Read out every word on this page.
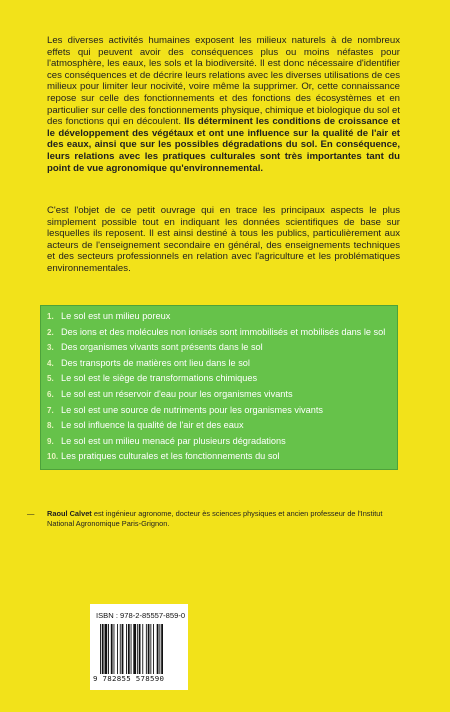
Les diverses activités humaines exposent les milieux naturels à de nombreux effets qui peuvent avoir des conséquences plus ou moins néfastes pour l'atmosphère, les eaux, les sols et la biodiversité. Il est donc nécessaire d'identifier ces conséquences et de décrire leurs relations avec les diverses utilisations de ces milieux pour limiter leur nocivité, voire même la supprimer. Or, cette connaissance repose sur celle des fonctionnements et des fonctions des écosystèmes et en particulier sur celle des fonctionnements physique, chimique et biologique du sol et des fonctions qui en découlent. Ils déterminent les conditions de croissance et le développement des végétaux et ont une influence sur la qualité de l'air et des eaux, ainsi que sur les possibles dégradations du sol. En conséquence, leurs relations avec les pratiques culturales sont très importantes tant du point de vue agronomique qu'environnemental.

C'est l'objet de ce petit ouvrage qui en trace les principaux aspects le plus simplement possible tout en indiquant les données scientifiques de base sur lesquelles ils reposent. Il est ainsi destiné à tous les publics, particulièrement aux acteurs de l'enseignement secondaire en général, des enseignements techniques et des secteurs professionnels en relation avec l'agriculture et les problématiques environnementales.

1. Le sol est un milieu poreux
2. Des ions et des molécules non ionisés sont immobilisés et mobilisés dans le sol
3. Des organismes vivants sont présents dans le sol
4. Des transports de matières ont lieu dans le sol
5. Le sol est le siège de transformations chimiques
6. Le sol est un réservoir d'eau pour les organismes vivants
7. Le sol est une source de nutriments pour les organismes vivants
8. Le sol influence la qualité de l'air et des eaux
9. Le sol est un milieu menacé par plusieurs dégradations
10. Les pratiques culturales et les fonctionnements du sol

— Raoul Calvet est ingénieur agronome, docteur ès sciences physiques et ancien professeur de l'Institut National Agronomique Paris-Grignon.

ISBN : 978-2-85557-859-0
9 782855 578590
